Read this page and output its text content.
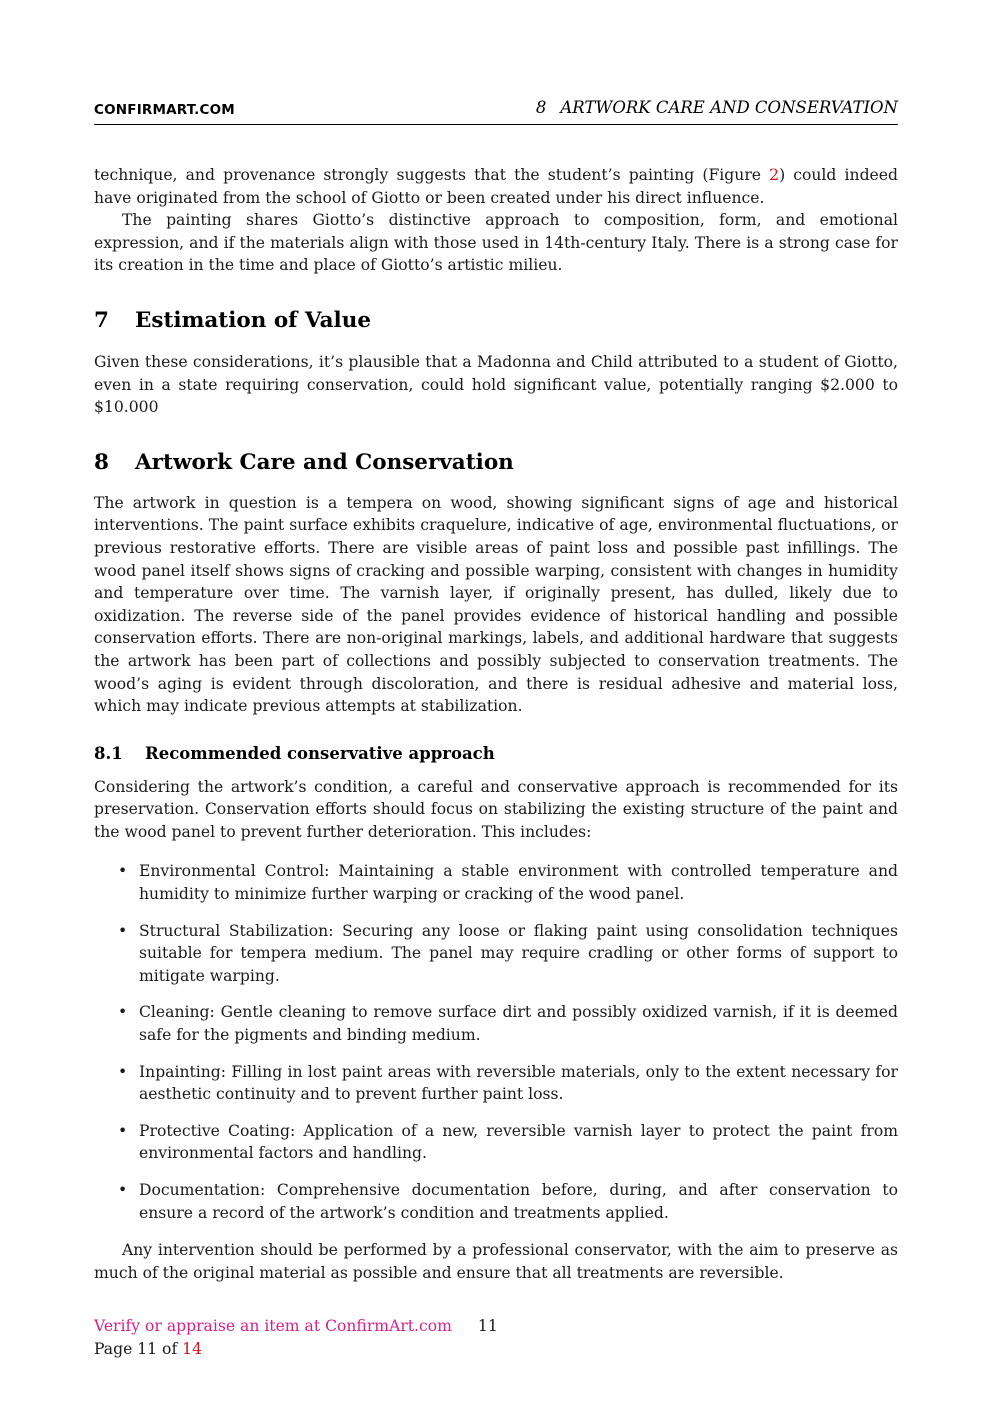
CONFIRMART.COM	8 ARTWORK CARE AND CONSERVATION

technique, and provenance strongly suggests that the student’s painting (Figure 2) could indeed have originated from the school of Giotto or been created under his direct influence.

The painting shares Giotto’s distinctive approach to composition, form, and emotional expression, and if the materials align with those used in 14th-century Italy. There is a strong case for its creation in the time and place of Giotto’s artistic milieu.

7 Estimation of Value

Given these considerations, it’s plausible that a Madonna and Child attributed to a student of Giotto, even in a state requiring conservation, could hold significant value, potentially ranging $2.000 to $10.000

8 Artwork Care and Conservation

The artwork in question is a tempera on wood, showing significant signs of age and historical interventions. The paint surface exhibits craquelure, indicative of age, environmental fluctuations, or previous restorative efforts. There are visible areas of paint loss and possible past infillings. The wood panel itself shows signs of cracking and possible warping, consistent with changes in humidity and temperature over time. The varnish layer, if originally present, has dulled, likely due to oxidization. The reverse side of the panel provides evidence of historical handling and possible conservation efforts. There are non-original markings, labels, and additional hardware that suggests the artwork has been part of collections and possibly subjected to conservation treatments. The wood’s aging is evident through discoloration, and there is residual adhesive and material loss, which may indicate previous attempts at stabilization.

8.1 Recommended conservative approach

Considering the artwork’s condition, a careful and conservative approach is recommended for its preservation. Conservation efforts should focus on stabilizing the existing structure of the paint and the wood panel to prevent further deterioration. This includes:

• Environmental Control: Maintaining a stable environment with controlled temperature and humidity to minimize further warping or cracking of the wood panel.

• Structural Stabilization: Securing any loose or flaking paint using consolidation techniques suitable for tempera medium. The panel may require cradling or other forms of support to mitigate warping.

• Cleaning: Gentle cleaning to remove surface dirt and possibly oxidized varnish, if it is deemed safe for the pigments and binding medium.

• Inpainting: Filling in lost paint areas with reversible materials, only to the extent necessary for aesthetic continuity and to prevent further paint loss.

• Protective Coating: Application of a new, reversible varnish layer to protect the paint from environmental factors and handling.

• Documentation: Comprehensive documentation before, during, and after conservation to ensure a record of the artwork’s condition and treatments applied.

Any intervention should be performed by a professional conservator, with the aim to preserve as much of the original material as possible and ensure that all treatments are reversible.

Verify or appraise an item at ConfirmArt.com 11
Page 11 of 14
